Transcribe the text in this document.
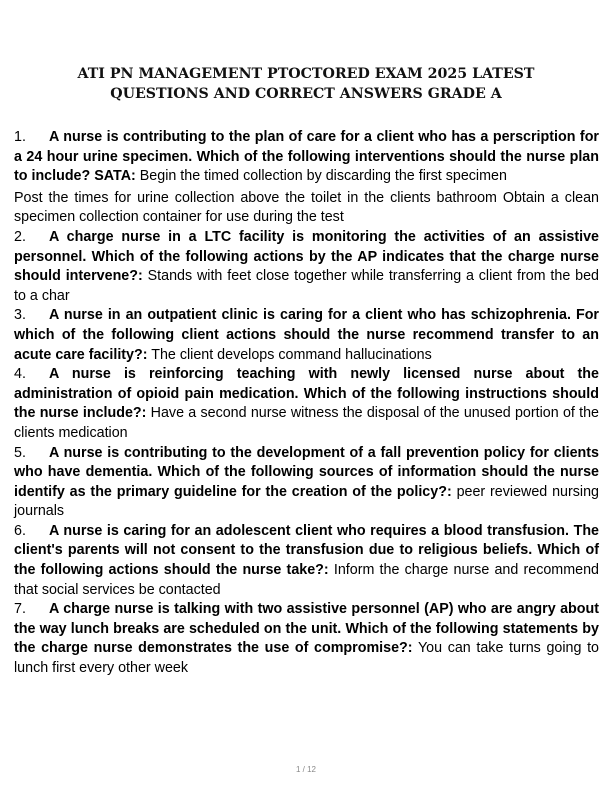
ATI PN MANAGEMENT PTOCTORED EXAM 2025 LATEST QUESTIONS AND CORRECT ANSWERS GRADE A

1. A nurse is contributing to the plan of care for a client who has a perscription for a 24 hour urine specimen. Which of the following interventions should the nurse plan to include? SATA: Begin the timed collection by discarding the first specimen

Post the times for urine collection above the toilet in the clients bathroom Obtain a clean specimen collection container for use during the test

2. A charge nurse in a LTC facility is monitoring the activities of an assistive personnel. Which of the following actions by the AP indicates that the charge nurse should intervene?: Stands with feet close together while transferring a client from the bed to a char

3. A nurse in an outpatient clinic is caring for a client who has schizophrenia. For which of the following client actions should the nurse recommend transfer to an acute care facility?: The client develops command hallucinations

4. A nurse is reinforcing teaching with newly licensed nurse about the administration of opioid pain medication. Which of the following instructions should the nurse include?: Have a second nurse witness the disposal of the unused portion of the clients medication

5. A nurse is contributing to the development of a fall prevention policy for clients who have dementia. Which of the following sources of information should the nurse identify as the primary guideline for the creation of the policy?: peer reviewed nursing journals

6. A nurse is caring for an adolescent client who requires a blood transfusion. The client's parents will not consent to the transfusion due to religious beliefs. Which of the following actions should the nurse take?: Inform the charge nurse and recommend that social services be contacted

7. A charge nurse is talking with two assistive personnel (AP) who are angry about the way lunch breaks are scheduled on the unit. Which of the following statements by the charge nurse demonstrates the use of compromise?: You can take turns going to lunch first every other week

1 / 12
